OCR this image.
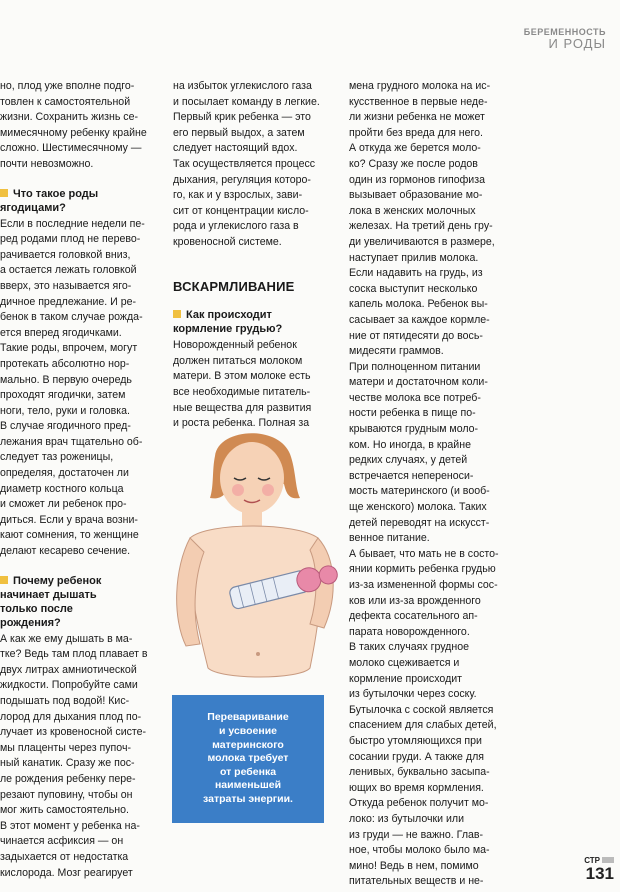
БЕРЕМЕННОСТЬ
И РОДЫ
но, плод уже вполне подго-
товлен к самостоятельной
жизни. Сохранить жизнь се-
мимесячному ребенку крайне
сложно. Шестимесячному —
почти невозможно.

Что такое роды
ягодицами?

Если в последние недели пе-
ред родами плод не перево-
рачивается головкой вниз,
а остается лежать головкой
вверх, это называется яго-
дичное предлежание. И ре-
бенок в таком случае рожда-
ется вперед ягодичками.
Такие роды, впрочем, могут
протекать абсолютно нор-
мально. В первую очередь
проходят ягодички, затем
ноги, тело, руки и головка.
В случае ягодичного пред-
лежания врач тщательно об-
следует таз роженицы,
определяя, достаточен ли
диаметр костного кольца
и сможет ли ребенок про-
диться. Если у врача возни-
кают сомнения, то женщине
делают кесарево сечение.

Почему ребенок
начинает дышать
только после
рождения?

А как же ему дышать в ма-
тке? Ведь там плод плавает в
двух литрах амниотической
жидкости. Попробуйте сами
подышать под водой! Кис-
лород для дыхания плод по-
лучает из кровеносной систе-
мы плаценты через пупоч-
ный канатик. Сразу же пос-
ле рождения ребенку пере-
резают пуповину, чтобы он
мог жить самостоятельно.
В этот момент у ребенка на-
чинается асфиксия — он
задыхается от недостатка
кислорода. Мозг реагирует
на избыток углекислого газа
и посылает команду в легкие.
Первый крик ребенка — это
его первый выдох, а затем
следует настоящий вдох.
Так осуществляется процесс
дыхания, регуляция которо-
го, как и у взрослых, зави-
сит от концентрации кисло-
рода и углекислого газа в
кровеносной системе.

ВСКАРМЛИВАНИЕ

Как происходит
кормление грудью?

Новорожденный ребенок
должен питаться молоком
матери. В этом молоке есть
все необходимые питатель-
ные вещества для развития
и роста ребенка. Полная за
Переваривание
и усвоение
материнского
молока требует
от ребенка
наименьшей
затраты энергии.
мена грудного молока на ис-
кусственное в первые неде-
ли жизни ребенка не может
пройти без вреда для него.
А откуда же берется моло-
ко? Сразу же после родов
один из гормонов гипофиза
вызывает образование мо-
лока в женских молочных
железах. На третий день гру-
ди увеличиваются в размере,
наступает прилив молока.
Если надавить на грудь, из
соска выступит несколько
капель молока. Ребенок вы-
сасывает за каждое кормле-
ние от пятидесяти до вось-
мидесяти граммов.
При полноценном питании
матери и достаточном коли-
честве молока все потреб-
ности ребенка в пище по-
крываются грудным моло-
ком. Но иногда, в крайне
редких случаях, у детей
встречается непереноси-
мость материнского (и вооб-
ще женского) молока. Таких
детей переводят на искусст-
венное питание.
А бывает, что мать не в состо-
янии кормить ребенка грудью
из-за измененной формы сос-
ков или из-за врожденного
дефекта сосательного ап-
парата новорожденного.
В таких случаях грудное
молоко сцеживается и
кормление происходит
из бутылочки через соску.
Бутылочка с соской является
спасением для слабых детей,
быстро утомляющихся при
сосании груди. А также для
ленивых, буквально засыпа-
ющих во время кормления.
Откуда ребенок получит мо-
локо: из бутылочки или
из груди — не важно. Глав-
ное, чтобы молоко было ма-
мино! Ведь в нем, помимо
питательных веществ и не-
СТР
131
